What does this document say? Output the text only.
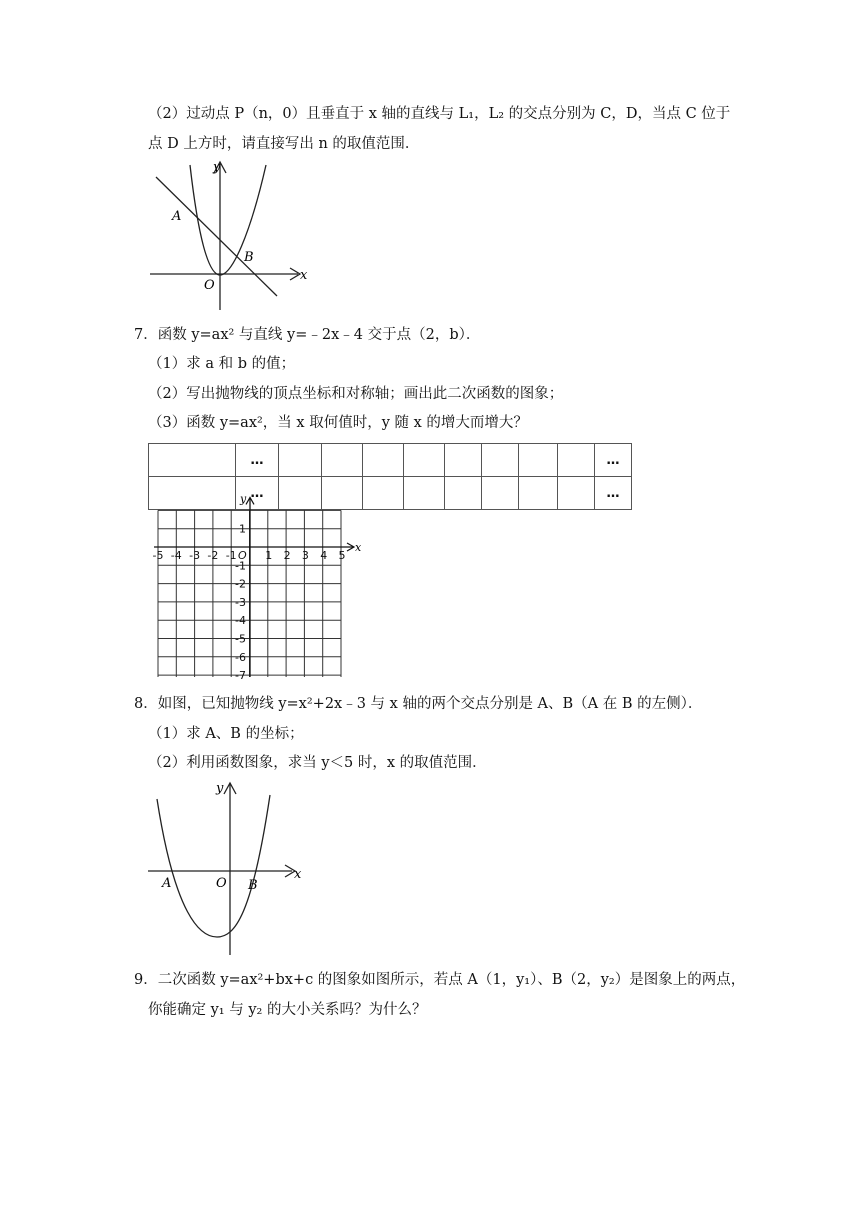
（2）过动点 P（n，0）且垂直于 x 轴的直线与 L₁，L₂ 的交点分别为 C，D，当点 C 位于
点 D 上方时，请直接写出 n 的取值范围．
y
x
A
B
O
7．函数 y=ax² 与直线 y=﹣2x﹣4 交于点（2，b）．
（1）求 a 和 b 的值；
（2）写出抛物线的顶点坐标和对称轴；画出此二次函数的图象；
（3）函数 y=ax²，当 x 取何值时，y 随 x 的增大而增大？
	…									…
	…									…
x
y
O
-5 -4 -3 -2 -1	1 2 3 4 5
1
-1
-2
-3
-4
-5
-6
-7
8．如图，已知抛物线 y=x²+2x﹣3 与 x 轴的两个交点分别是 A、B（A 在 B 的左侧）．
（1）求 A、B 的坐标；
（2）利用函数图象，求当 y＜5 时，x 的取值范围．
y
x
A	O B
9．二次函数 y=ax²+bx+c 的图象如图所示，若点 A（1，y₁）、B（2，y₂）是图象上的两点，
你能确定 y₁ 与 y₂ 的大小关系吗？为什么？
